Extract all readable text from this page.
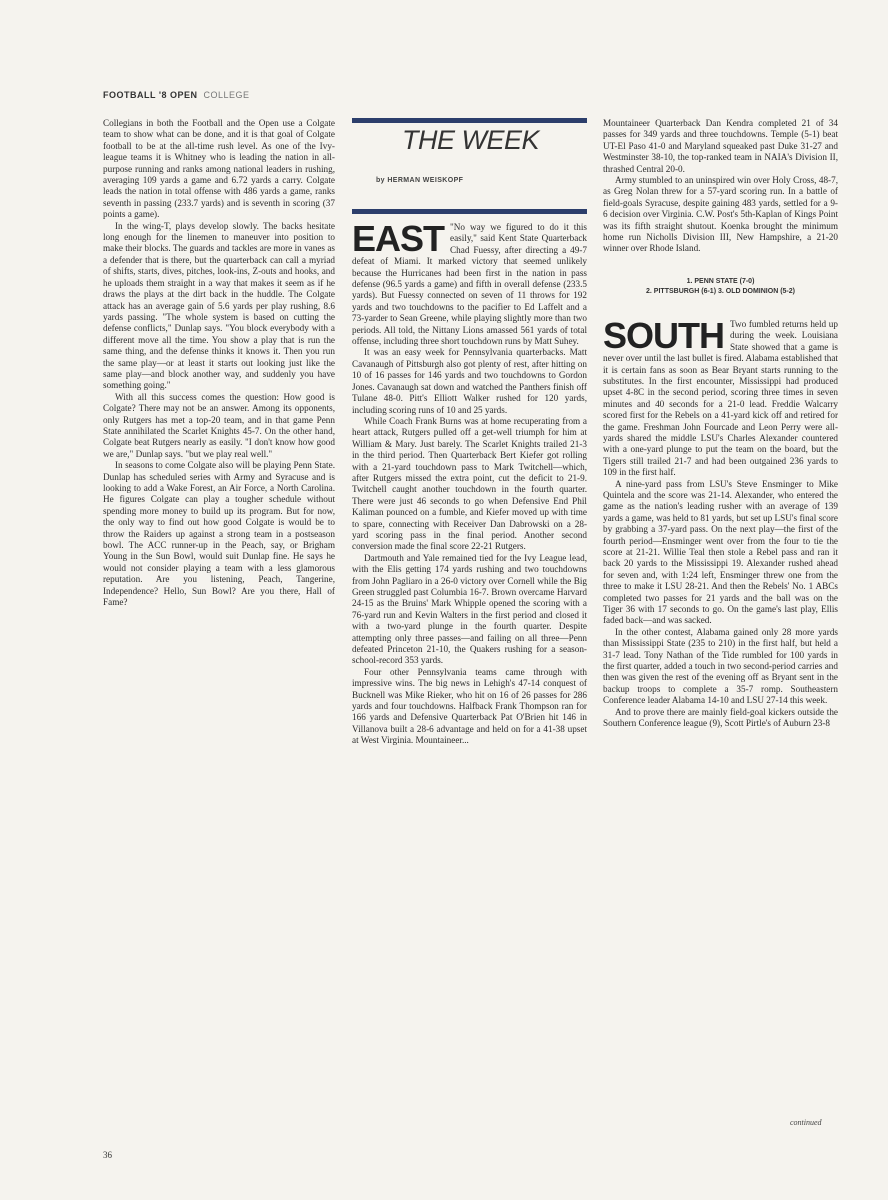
FOOTBALL '8 OPEN COLLEGE

Collegians in both the Football and the Open use a Colgate team to show what can be done, and it is that goal of Colgate football to be at the all-time rush level. As one of the Ivy-league teams it is Whitney who is leading the nation in all-purpose running and ranks among national leaders in rushing, averaging 109 yards a game and 6.72 yards a carry. Colgate leads the nation in total offense with 486 yards a game, ranks seventh in passing (233.7 yards) and is seventh in scoring (37 points a game).

In the wing-T, plays develop slowly. The backs hesitate long enough for the linemen to maneuver into position to make their blocks. The guards and tackles are more in vanes as a defender that is there, but the quarterback can call a myriad of shifts, starts, dives, pitches, look-ins, Z-outs and hooks, and he uploads them straight in a way that makes it seem as if he draws the plays at the dirt back in the huddle. The Colgate attack has an average gain of 5.6 yards per play rushing, 8.6 yards passing. "The whole system is based on cutting the defense conflicts," Dunlap says. "You block everybody with a different move all the time. You show a play that is run the same thing, and the defense thinks it knows it. Then you run the same play—or at least it starts out looking just like the same play—and block another way, and suddenly you have something going."

With all this success comes the question: How good is Colgate? There may not be an answer. Among its opponents, only Rutgers has met a top-20 team, and in that game Penn State annihilated the Scarlet Knights 45-7. On the other hand, Colgate beat Rutgers nearly as easily. "I don't know how good we are," Dunlap says. "but we play real well."

In seasons to come Colgate also will be playing Penn State. Dunlap has scheduled series with Army and Syracuse and is looking to add a Wake Forest, an Air Force, a North Carolina. He figures Colgate can play a tougher schedule without spending more money to build up its program. But for now, the only way to find out how good Colgate is would be to throw the Raiders up against a strong team in a postseason bowl. The ACC runner-up in the Peach, say, or Brigham Young in the Sun Bowl, would suit Dunlap fine. He says he would not consider playing a team with a less glamorous reputation. Are you listening, Peach, Tangerine, Independence? Hello, Sun Bowl? Are you there, Hall of Fame?

THE WEEK
by HERMAN WEISKOPF
EAST "No way we figured to do it this easily," said Kent State Quarterback Chad Fuessy, after directing a 49-7 defeat of Miami. It marked victory that seemed unlikely because the Hurricanes had been first in the nation in pass defense (96.5 yards a game) and fifth in overall defense (233.5 yards). But Fuessy connected on seven of 11 throws for 192 yards and two touchdowns to the pacifier to Ed Laffelt and a 73-yarder to Sean Greene, while playing slightly more than two periods. All told, the Nittany Lions amassed 561 yards of total offense, including three short touchdown runs by Matt Suhey.

It was an easy week for Pennsylvania quarterbacks. Matt Cavanaugh of Pittsburgh also got plenty of rest, after hitting on 10 of 16 passes for 146 yards and two touchdowns to Gordon Jones. Cavanaugh sat down and watched the Panthers finish off Tulane 48-0. Pitt's Elliott Walker rushed for 120 yards, including scoring runs of 10 and 25 yards.

While Coach Frank Burns was at home recuperating from a heart attack, Rutgers pulled off a get-well triumph for him at William & Mary. Just barely. The Scarlet Knights trailed 21-3 in the third period. Then Quarterback Bert Kiefer got rolling with a 21-yard touchdown pass to Mark Twitchell—which, after Rutgers missed the extra point, cut the deficit to 21-9. Twitchell caught another touchdown in the fourth quarter. There were just 46 seconds to go when Defensive End Phil Kaliman pounced on a fumble, and Kiefer moved up with time to spare, connecting with Receiver Dan Dabrowski on a 28-yard scoring pass in the final period. Another second conversion made the final score 22-21 Rutgers.

Dartmouth and Yale remained tied for the Ivy League lead, with the Elis getting 174 yards rushing and two touchdowns from John Pagliaro in a 26-0 victory over Cornell while the Big Green struggled past Columbia 16-7. Brown overcame Harvard 24-15 as the Bruins' Mark Whipple opened the scoring with a 76-yard run and Kevin Walters in the first period and closed it with a two-yard plunge in the fourth quarter. Despite attempting only three passes—and failing on all three—Penn defeated Princeton 21-10, the Quakers rushing for a season-school-record 353 yards.

Four other Pennsylvania teams came through with impressive wins. The big news in Lehigh's 47-14 conquest of Bucknell was Mike Rieker, who hit on 16 of 26 passes for 286 yards and four touchdowns. Halfback Frank Thompson ran for 166 yards and Defensive Quarterback Pat O'Brien hit 146 in Villanova built a 28-6 advantage and held on for a 41-38 upset at West Virginia. Mountaineer...

Mountaineer Quarterback Dan Kendra completed 21 of 34 passes for 349 yards and three touchdowns. Temple (5-1) beat UT-El Paso 41-0 and Maryland squeaked past Duke 31-27 and Westminster 38-10, the top-ranked team in NAIA's Division II, thrashed Central 20-0.

Army stumbled to an uninspired win over Holy Cross, 48-7, as Greg Nolan threw for a 57-yard scoring run. In a battle of field-goals Syracuse, despite gaining 483 yards, settled for a 9-6 decision over Virginia. C.W. Post's 5th-Kaplan of Kings Point was its fifth straight shutout. Koenka brought the minimum home run Nicholls Division III, New Hampshire, a 21-20 winner over Rhode Island.

1. PENN STATE (7-0)
2. PITTSBURGH (6-1) 3. OLD DOMINION (5-2)
SOUTH Two fumbled returns held up during the week. Louisiana State showed that a game is never over until the last bullet is fired. Alabama established that it is certain fans as soon as Bear Bryant starts running to the substitutes. In the first encounter, Mississippi had produced upset 4-8C in the second period, scoring three times in seven minutes and 40 seconds for a 21-0 lead. Freddie Walcarry scored first for the Rebels on a 41-yard kick off and retired for the game. Freshman John Fourcade and Leon Perry were all-yards shared the middle LSU's Charles Alexander countered with a one-yard plunge to put the team on the board, but the Tigers still trailed 21-7 and had been outgained 236 yards to 109 in the first half.

A nine-yard pass from LSU's Steve Ensminger to Mike Quintela and the score was 21-14. Alexander, who entered the game as the nation's leading rusher with an average of 139 yards a game, was held to 81 yards, but set up LSU's final score by grabbing a 37-yard pass. On the next play—the first of the fourth period—Ensminger went over from the four to tie the score at 21-21. Willie Teal then stole a Rebel pass and ran it back 20 yards to the Mississippi 19. Alexander rushed ahead for seven and, with 1:24 left, Ensminger threw one from the three to make it LSU 28-21. And then the Rebels' No. 1 ABCs completed two passes for 21 yards and the ball was on the Tiger 36 with 17 seconds to go. On the game's last play, Ellis faded back—and was sacked.

In the other contest, Alabama gained only 28 more yards than Mississippi State (235 to 210) in the first half, but held a 31-7 lead. Tony Nathan of the Tide rumbled for 100 yards in the first quarter, added a touch in two second-period carries and then was given the rest of the evening off as Bryant sent in the backup troops to complete a 35-7 romp. Southeastern Conference leader Alabama 14-10 and LSU 27-14 this week.

And to prove there are mainly field-goal kickers outside the Southern Conference league (9), Scott Pirtle's of Auburn 23-8

continued
36
